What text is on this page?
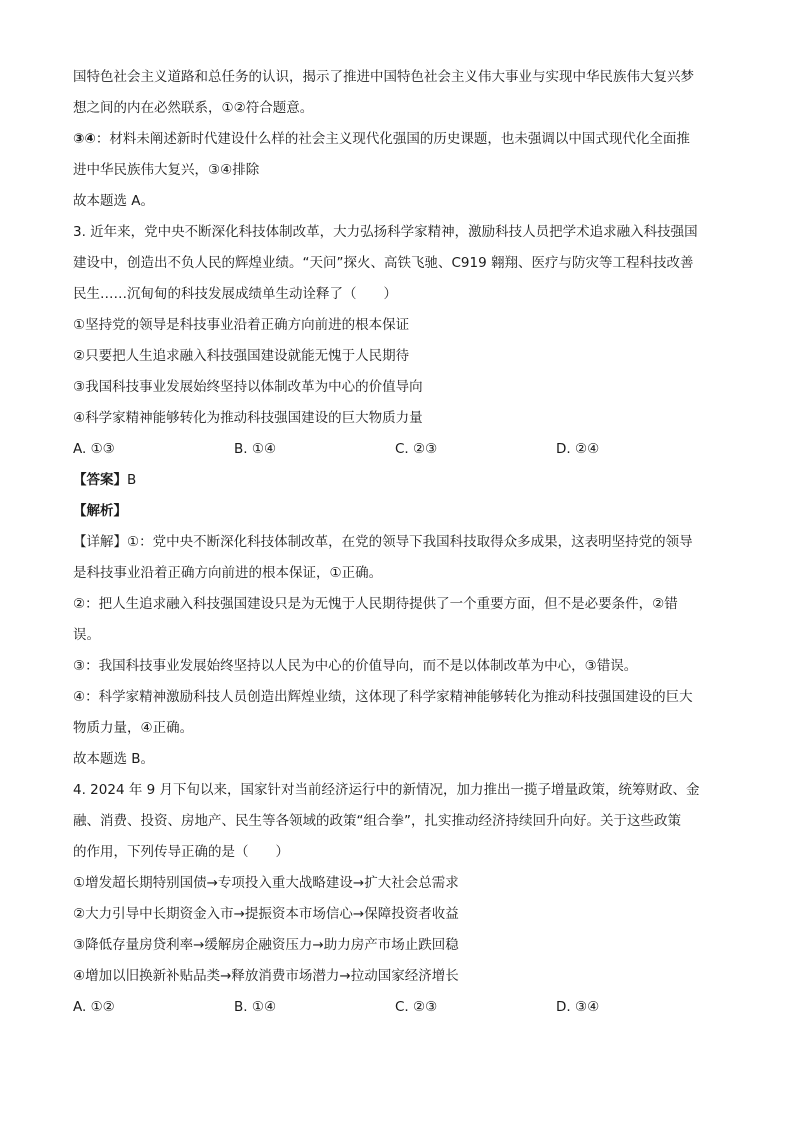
国特色社会主义道路和总任务的认识，揭示了推进中国特色社会主义伟大事业与实现中华民族伟大复兴梦
想之间的内在必然联系，①②符合题意。
③④：材料未阐述新时代建设什么样的社会主义现代化强国的历史课题，也未强调以中国式现代化全面推
进中华民族伟大复兴，③④排除
故本题选 A。
3. 近年来，党中央不断深化科技体制改革，大力弘扬科学家精神，激励科技人员把学术追求融入科技强国
建设中，创造出不负人民的辉煌业绩。“天问”探火、高铁飞驰、C919 翱翔、医疗与防灾等工程科技改善
民生……沉甸甸的科技发展成绩单生动诠释了（　　）
①坚持党的领导是科技事业沿着正确方向前进的根本保证
②只要把人生追求融入科技强国建设就能无愧于人民期待
③我国科技事业发展始终坚持以体制改革为中心的价值导向
④科学家精神能够转化为推动科技强国建设的巨大物质力量
A. ①③	B. ①④	C. ②③	D. ②④
【答案】B
【解析】
【详解】①：党中央不断深化科技体制改革，在党的领导下我国科技取得众多成果，这表明坚持党的领导
是科技事业沿着正确方向前进的根本保证，①正确。
②：把人生追求融入科技强国建设只是为无愧于人民期待提供了一个重要方面，但不是必要条件，②错
误。
③：我国科技事业发展始终坚持以人民为中心的价值导向，而不是以体制改革为中心，③错误。
④：科学家精神激励科技人员创造出辉煌业绩，这体现了科学家精神能够转化为推动科技强国建设的巨大
物质力量，④正确。
故本题选 B。
4. 2024 年 9 月下旬以来，国家针对当前经济运行中的新情况，加力推出一揽子增量政策，统筹财政、金
融、消费、投资、房地产、民生等各领域的政策“组合拳”，扎实推动经济持续回升向好。关于这些政策
的作用，下列传导正确的是（　　）
①增发超长期特别国债→专项投入重大战略建设→扩大社会总需求
②大力引导中长期资金入市→提振资本市场信心→保障投资者收益
③降低存量房贷利率→缓解房企融资压力→助力房产市场止跌回稳
④增加以旧换新补贴品类→释放消费市场潜力→拉动国家经济增长
A. ①②	B. ①④	C. ②③	D. ③④
